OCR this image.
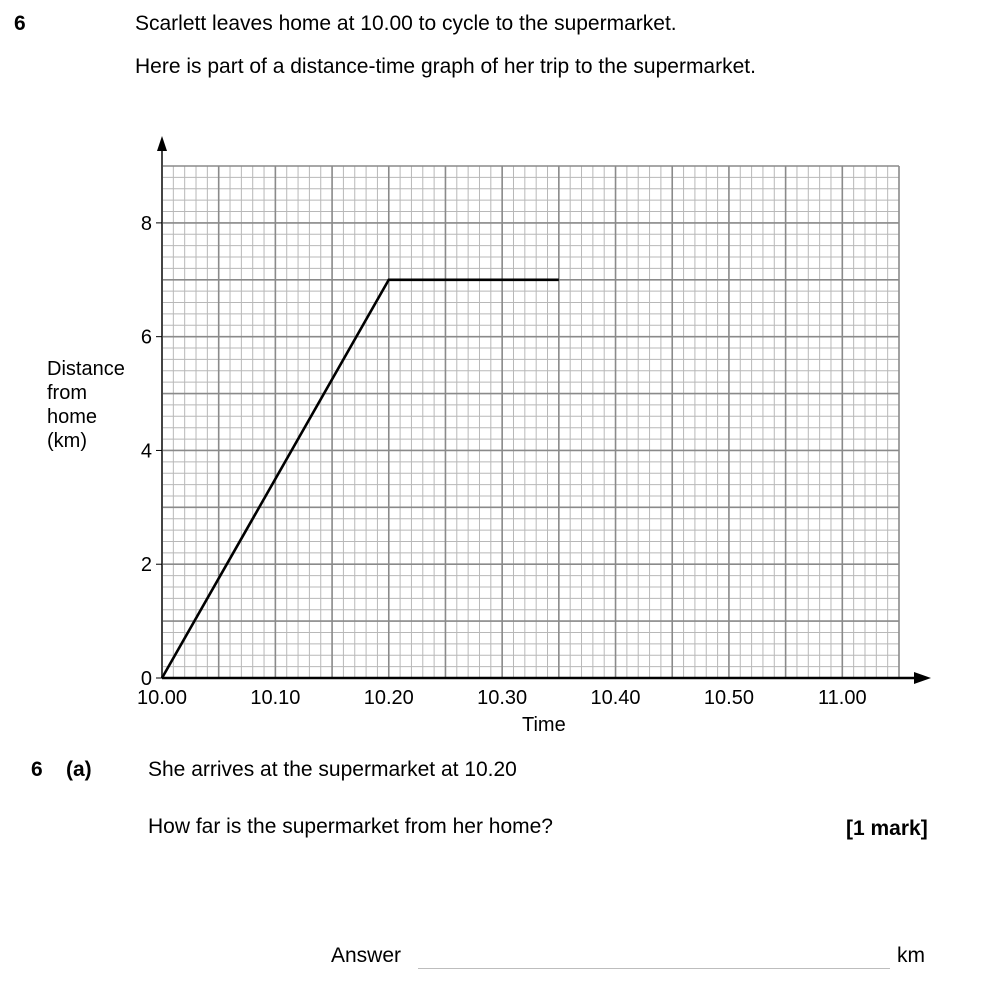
6	Scarlett leaves home at 10.00 to cycle to the supermarket.
Here is part of a distance-time graph of her trip to the supermarket.
0
2
4
6
8
10.00	10.10	10.20	10.30	10.40	10.50	11.00
Time
Distance
from
home
(km)
6 (a)	She arrives at the supermarket at 10.20
How far is the supermarket from her home?	[1 mark]
Answer	km
